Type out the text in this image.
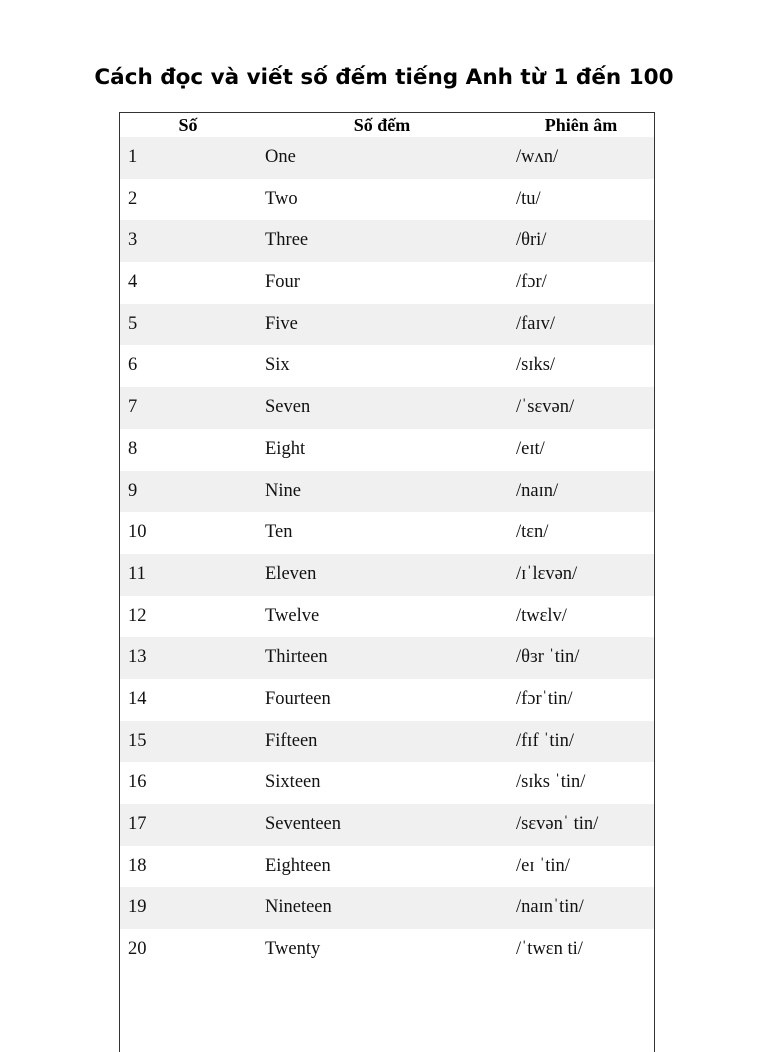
Cách đọc và viết số đếm tiếng Anh từ 1 đến 100
Số	Số đếm	Phiên âm
1	One	/wʌn/
2	Two	/tu/
3	Three	/θri/
4	Four	/fɔr/
5	Five	/faɪv/
6	Six	/sɪks/
7	Seven	/ˈsɛvən/
8	Eight	/eɪt/
9	Nine	/naɪn/
10	Ten	/tɛn/
11	Eleven	/ɪˈlɛvən/
12	Twelve	/twɛlv/
13	Thirteen	/θɜr ˈtin/
14	Fourteen	/fɔrˈtin/
15	Fifteen	/fɪf ˈtin/
16	Sixteen	/sɪks ˈtin/
17	Seventeen	/sɛvənˈ tin/
18	Eighteen	/eɪ ˈtin/
19	Nineteen	/naɪnˈtin/
20	Twenty	/ˈtwɛn ti/
